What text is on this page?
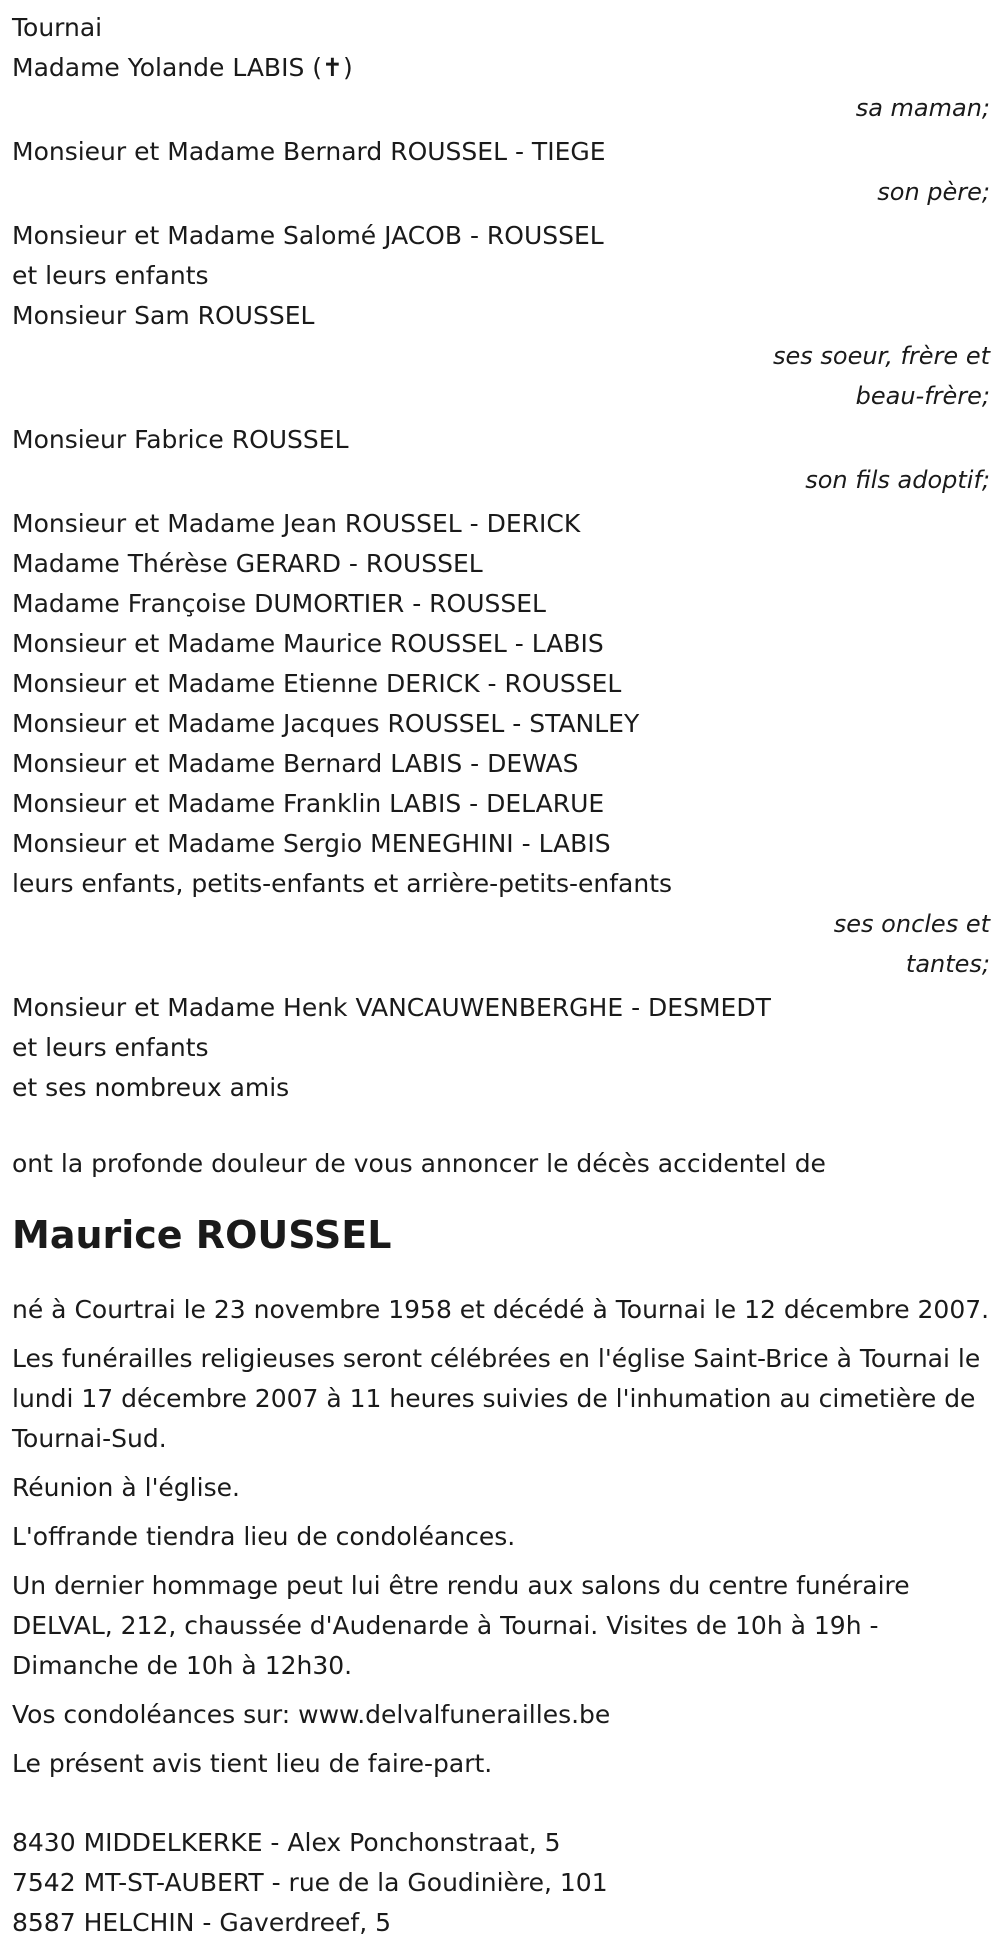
Tournai
Madame Yolande LABIS (✝)
sa maman;
Monsieur et Madame Bernard ROUSSEL - TIEGE
son père;
Monsieur et Madame Salomé JACOB - ROUSSEL
et leurs enfants
Monsieur Sam ROUSSEL
ses soeur, frère et
beau-frère;
Monsieur Fabrice ROUSSEL
son fils adoptif;
Monsieur et Madame Jean ROUSSEL - DERICK
Madame Thérèse GERARD - ROUSSEL
Madame Françoise DUMORTIER - ROUSSEL
Monsieur et Madame Maurice ROUSSEL - LABIS
Monsieur et Madame Etienne DERICK - ROUSSEL
Monsieur et Madame Jacques ROUSSEL - STANLEY
Monsieur et Madame Bernard LABIS - DEWAS
Monsieur et Madame Franklin LABIS - DELARUE
Monsieur et Madame Sergio MENEGHINI - LABIS
leurs enfants, petits-enfants et arrière-petits-enfants
ses oncles et
tantes;
Monsieur et Madame Henk VANCAUWENBERGHE - DESMEDT
et leurs enfants
et ses nombreux amis
ont la profonde douleur de vous annoncer le décès accidentel de
Maurice ROUSSEL
né à Courtrai le 23 novembre 1958 et décédé à Tournai le 12 décembre 2007.
Les funérailles religieuses seront célébrées en l'église Saint-Brice à Tournai le lundi 17 décembre 2007 à 11 heures suivies de l'inhumation au cimetière de Tournai-Sud.
Réunion à l'église.
L'offrande tiendra lieu de condoléances.
Un dernier hommage peut lui être rendu aux salons du centre funéraire DELVAL, 212, chaussée d'Audenarde à Tournai. Visites de 10h à 19h - Dimanche de 10h à 12h30.
Vos condoléances sur: www.delvalfunerailles.be
Le présent avis tient lieu de faire-part.
8430 MIDDELKERKE - Alex Ponchonstraat, 5
7542 MT-ST-AUBERT - rue de la Goudinière, 101
8587 HELCHIN - Gaverdreef, 5
